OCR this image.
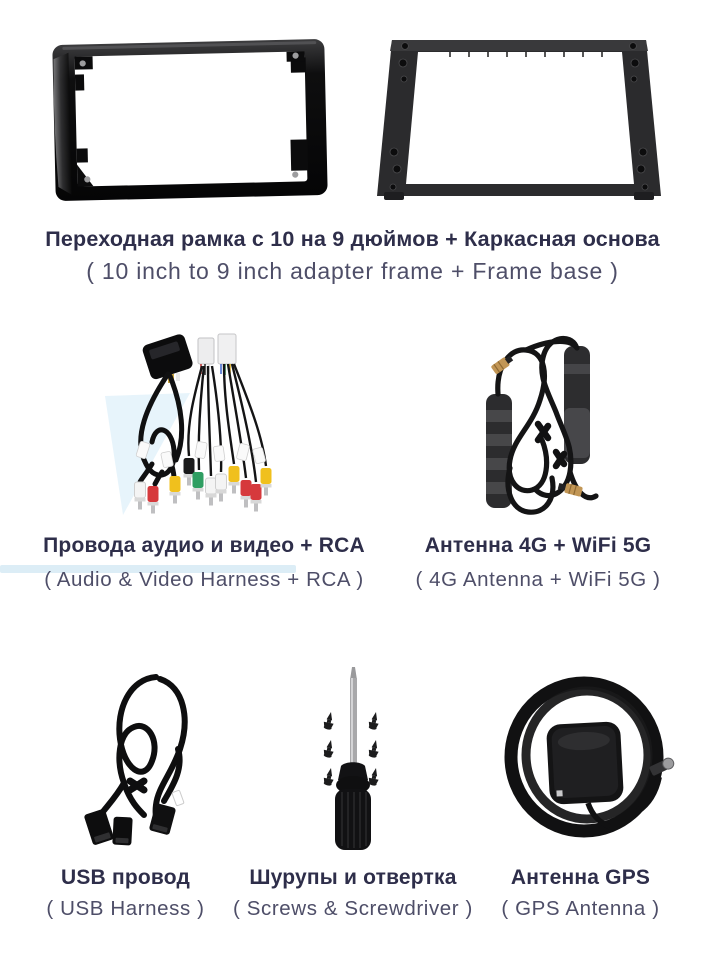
Переходная рамка с 10 на 9 дюймов + Каркасная основа
( 10 inch to 9 inch adapter frame + Frame base )
Провода аудио и видео + RCA
( Audio & Video Harness + RCA )
Антенна 4G + WiFi 5G
( 4G Antenna + WiFi 5G )
USB провод
( USB Harness )
Шурупы и отвертка
( Screws & Screwdriver )
Антенна GPS
( GPS Antenna )
